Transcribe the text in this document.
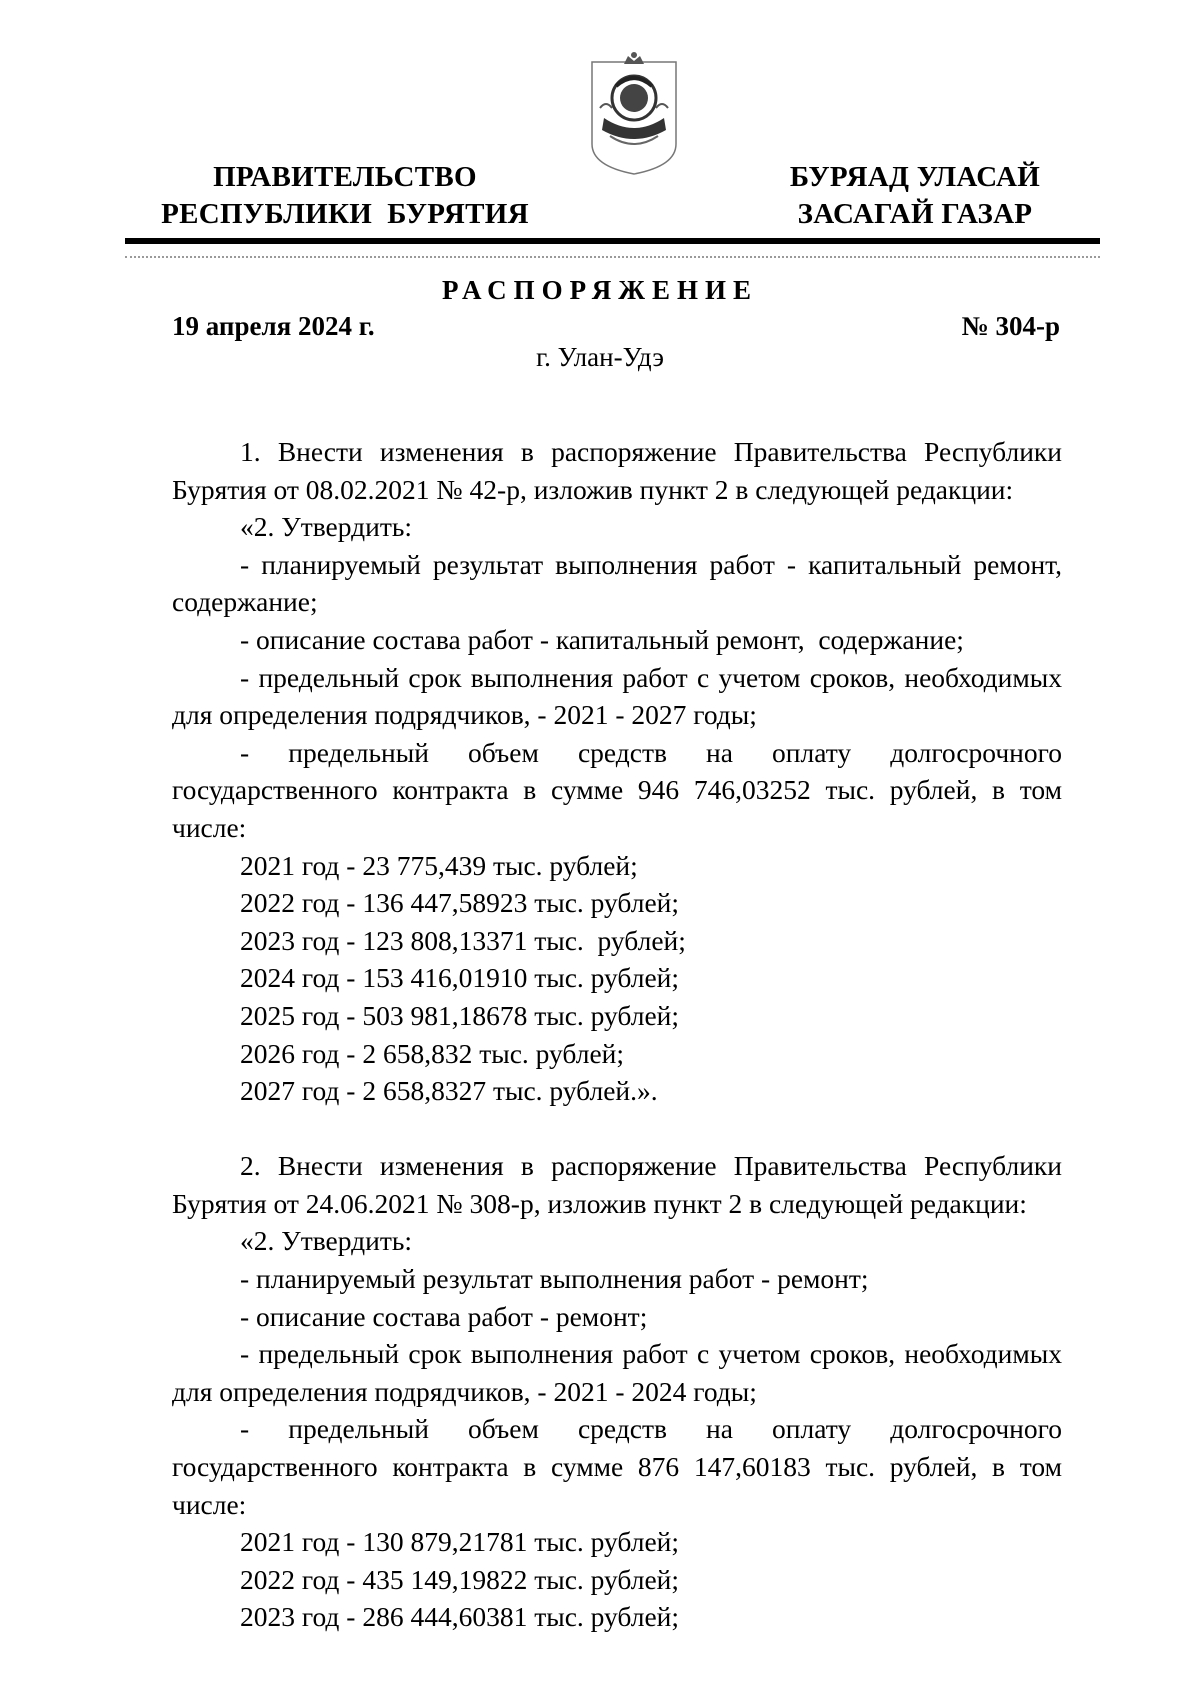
ПРАВИТЕЛЬСТВО
РЕСПУБЛИКИ  БУРЯТИЯ
БУРЯАД УЛАСАЙ
ЗАСАГАЙ ГАЗАР
РАСПОРЯЖЕНИЕ
19 апреля 2024 г.	№ 304-р
г. Улан-Удэ

1. Внести изменения в распоряжение Правительства Республики Бурятия от 08.02.2021 № 42-р, изложив пункт 2 в следующей редакции:

«2. Утвердить:

- планируемый результат выполнения работ - капитальный ремонт, содержание;

- описание состава работ - капитальный ремонт,  содержание;

- предельный срок выполнения работ с учетом сроков, необходимых для определения подрядчиков, - 2021 - 2027 годы;

- предельный объем средств на оплату долгосрочного государственного контракта в сумме 946 746,03252 тыс. рублей, в том числе:

2021 год - 23 775,439 тыс. рублей;

2022 год - 136 447,58923 тыс. рублей;

2023 год - 123 808,13371 тыс.  рублей;

2024 год - 153 416,01910 тыс. рублей;

2025 год - 503 981,18678 тыс. рублей;

2026 год - 2 658,832 тыс. рублей;

2027 год - 2 658,8327 тыс. рублей.».

2. Внести изменения в распоряжение Правительства Республики Бурятия от 24.06.2021 № 308-р, изложив пункт 2 в следующей редакции:

«2. Утвердить:

- планируемый результат выполнения работ - ремонт;

- описание состава работ - ремонт;

- предельный срок выполнения работ с учетом сроков, необходимых для определения подрядчиков, - 2021 - 2024 годы;

- предельный объем средств на оплату долгосрочного государственного контракта в сумме 876 147,60183 тыс. рублей, в том числе:

2021 год - 130 879,21781 тыс. рублей;

2022 год - 435 149,19822 тыс. рублей;

2023 год - 286 444,60381 тыс. рублей;
